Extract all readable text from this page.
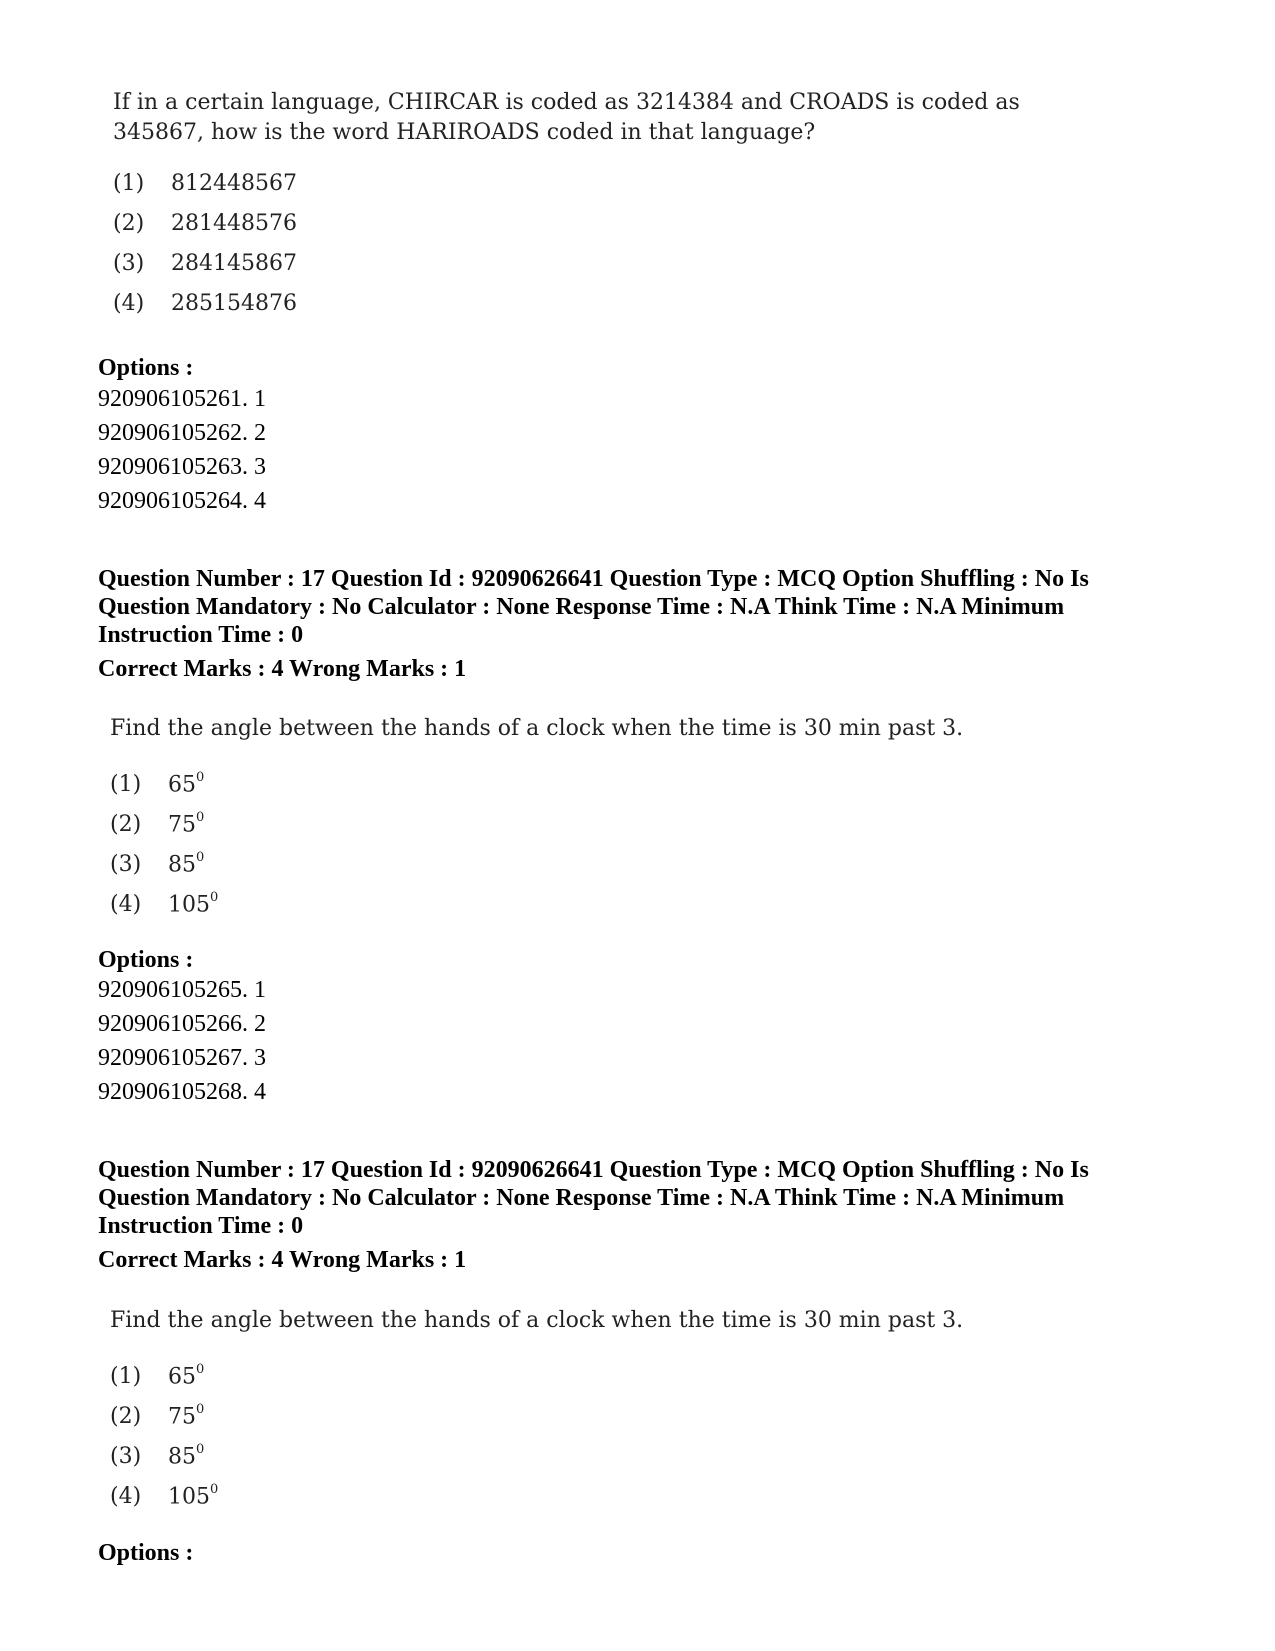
If in a certain language, CHIRCAR is coded as 3214384 and CROADS is coded as 345867, how is the word HARIROADS coded in that language?
(1) 812448567
(2) 281448576
(3) 284145867
(4) 285154876
Options :
920906105261. 1
920906105262. 2
920906105263. 3
920906105264. 4
Question Number : 17 Question Id : 92090626641 Question Type : MCQ Option Shuffling : No Is Question Mandatory : No Calculator : None Response Time : N.A Think Time : N.A Minimum Instruction Time : 0
Correct Marks : 4 Wrong Marks : 1
Find the angle between the hands of a clock when the time is 30 min past 3.
(1) $65^0$
(2) $75^0$
(3) $85^0$
(4) $105^0$
Options :
920906105265. 1
920906105266. 2
920906105267. 3
920906105268. 4
Question Number : 17 Question Id : 92090626641 Question Type : MCQ Option Shuffling : No Is Question Mandatory : No Calculator : None Response Time : N.A Think Time : N.A Minimum Instruction Time : 0
Correct Marks : 4 Wrong Marks : 1
Find the angle between the hands of a clock when the time is 30 min past 3.
(1) $65^0$
(2) $75^0$
(3) $85^0$
(4) $105^0$
Options :
